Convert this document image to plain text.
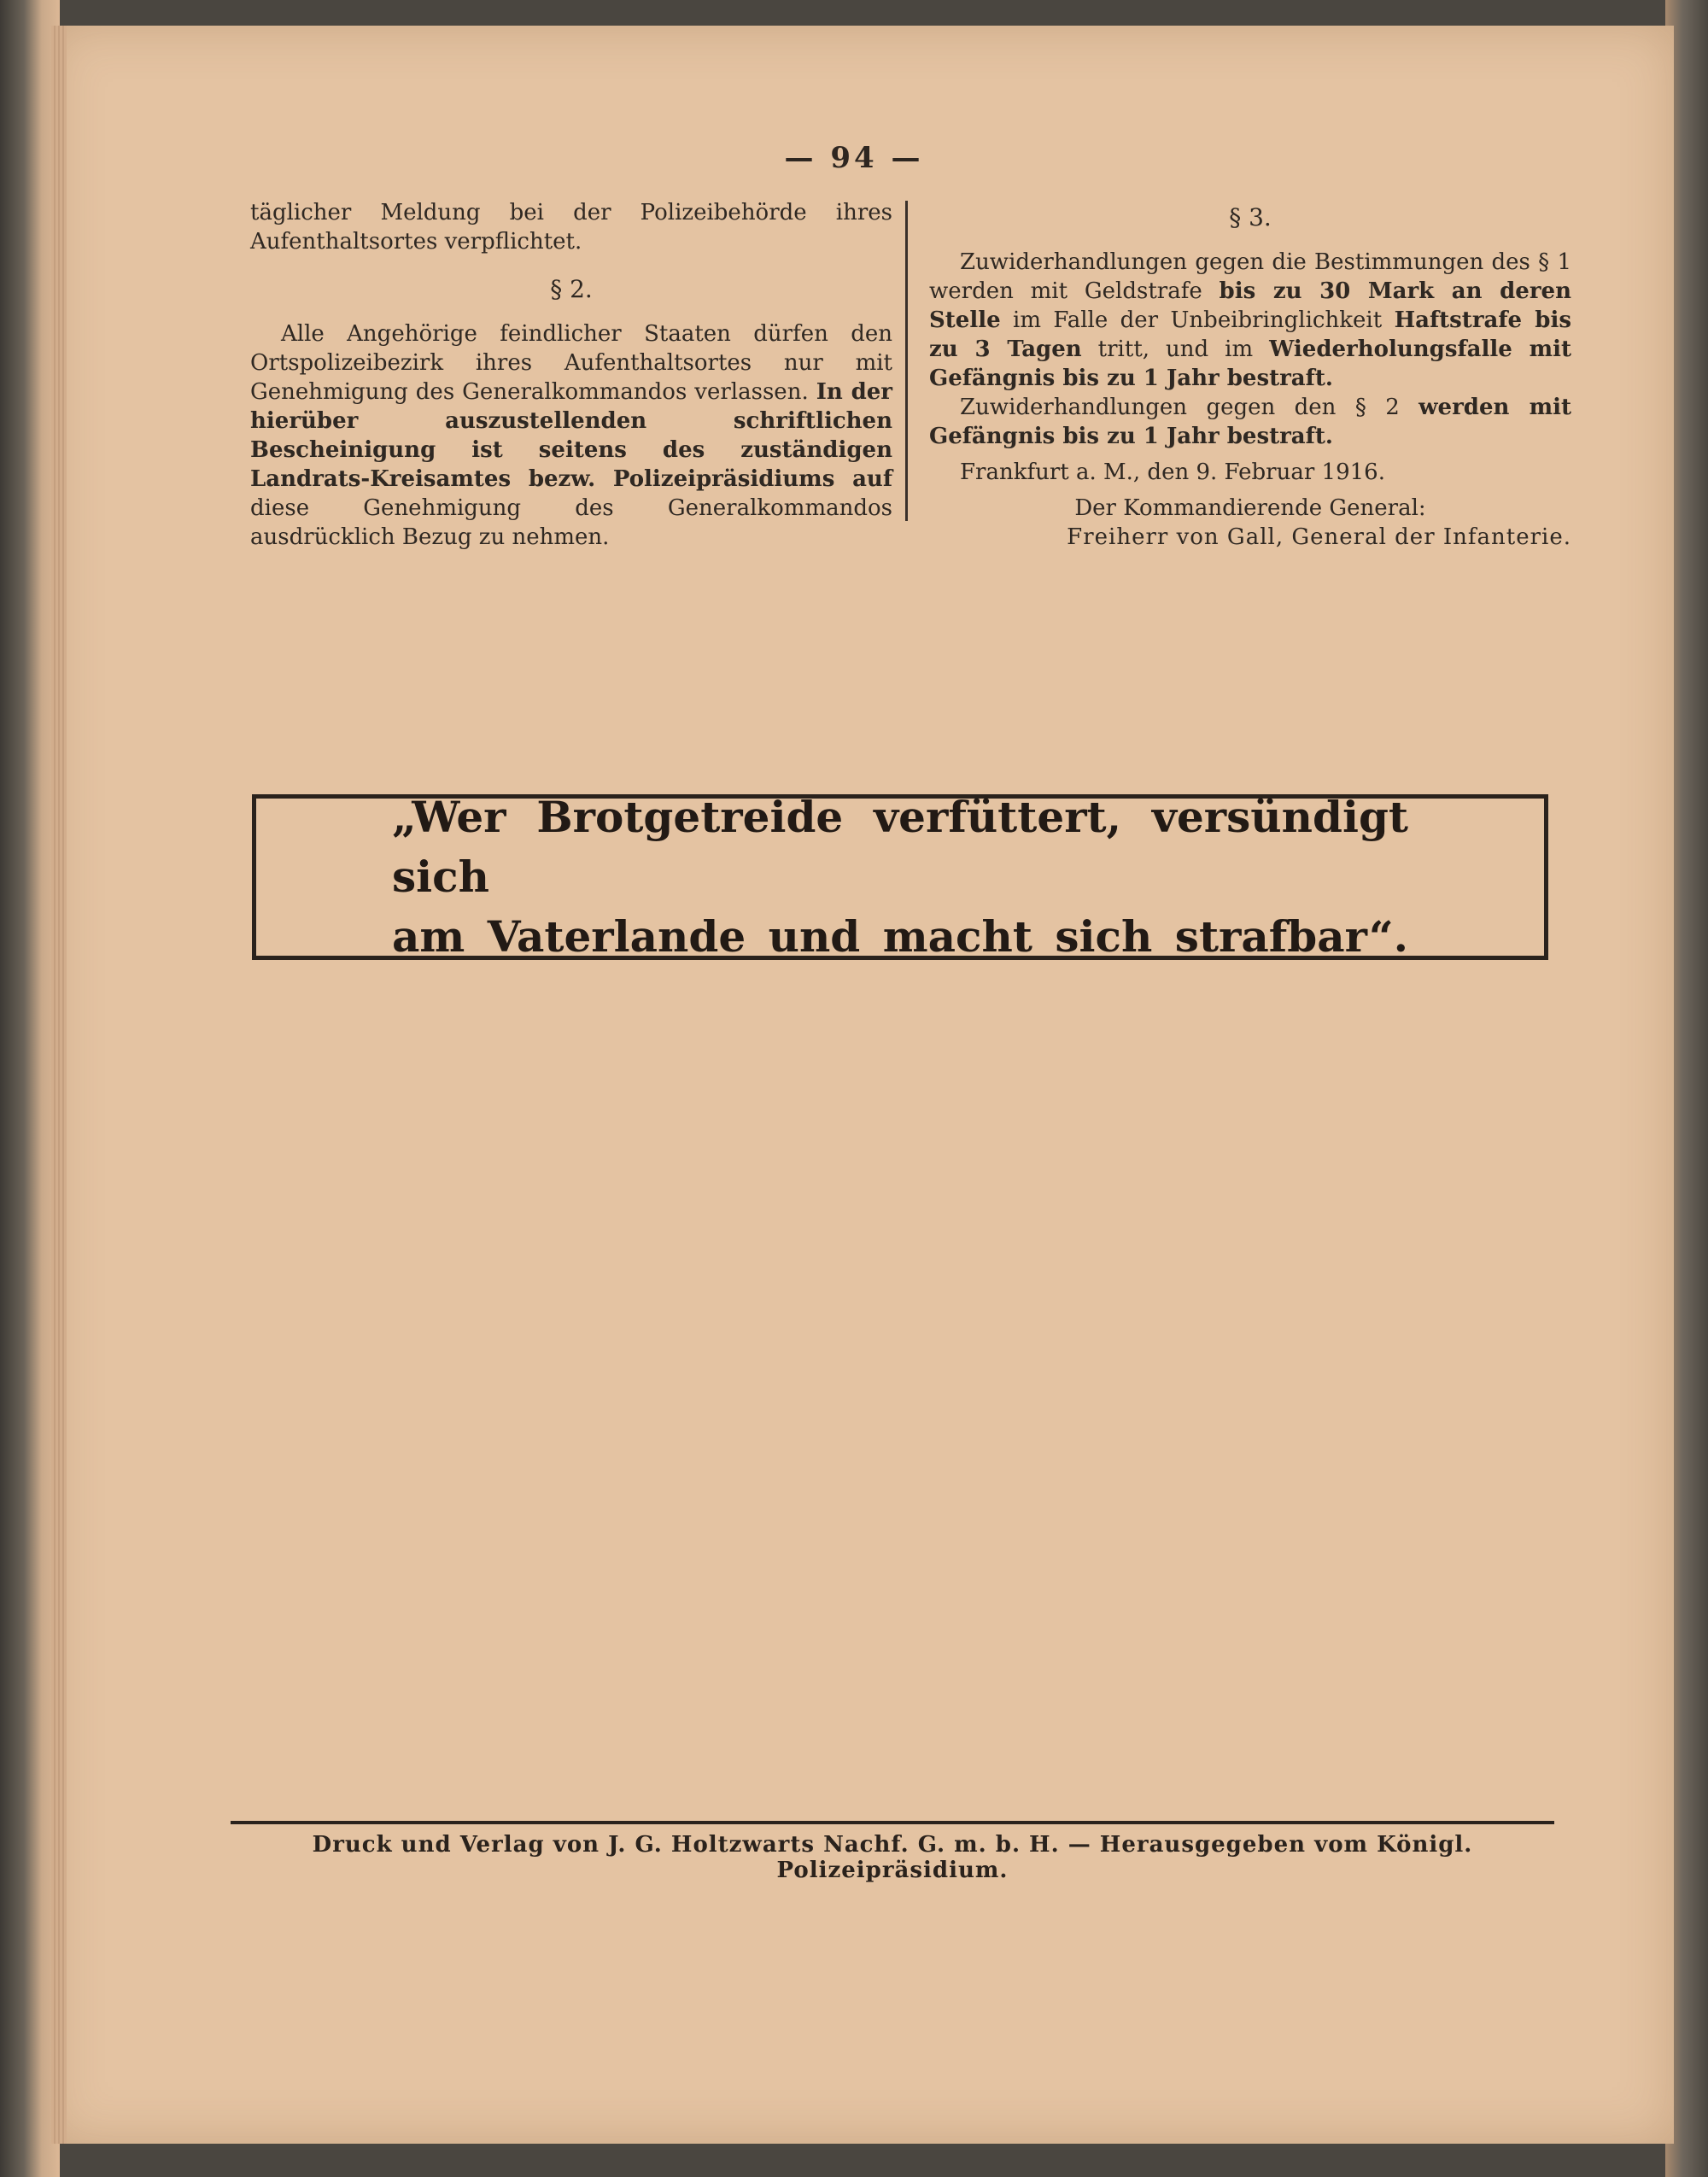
— 94 —

täglicher Meldung bei der Polizeibehörde ihres Aufenthaltsortes verpflichtet.

§ 2.

Alle Angehörige feindlicher Staaten dürfen den Ortspolizeibezirk ihres Aufenthaltsortes nur mit Genehmigung des Generalkommandos verlassen. In der hierüber auszustellenden schriftlichen Bescheinigung ist seitens des zuständigen Landrats-Kreisamtes bezw. Polizeipräsidiums auf diese Genehmigung des Generalkommandos ausdrücklich Bezug zu nehmen.

§ 3.

Zuwiderhandlungen gegen die Bestimmungen des § 1 werden mit Geldstrafe bis zu 30 Mark an deren Stelle im Falle der Unbeibringlichkeit Haftstrafe bis zu 3 Tagen tritt, und im Wiederholungsfalle mit Gefängnis bis zu 1 Jahr bestraft.

Zuwiderhandlungen gegen den § 2 werden mit Gefängnis bis zu 1 Jahr bestraft.

Frankfurt a. M., den 9. Februar 1916.

Der Kommandierende General:

Freiherr von Gall, General der Infanterie.

„Wer Brotgetreide verfüttert, versündigt sich
am Vaterlande und macht sich strafbar“.
Druck und Verlag von J. G. Holtzwarts Nachf. G. m. b. H. — Herausgegeben vom Königl. Polizeipräsidium.
